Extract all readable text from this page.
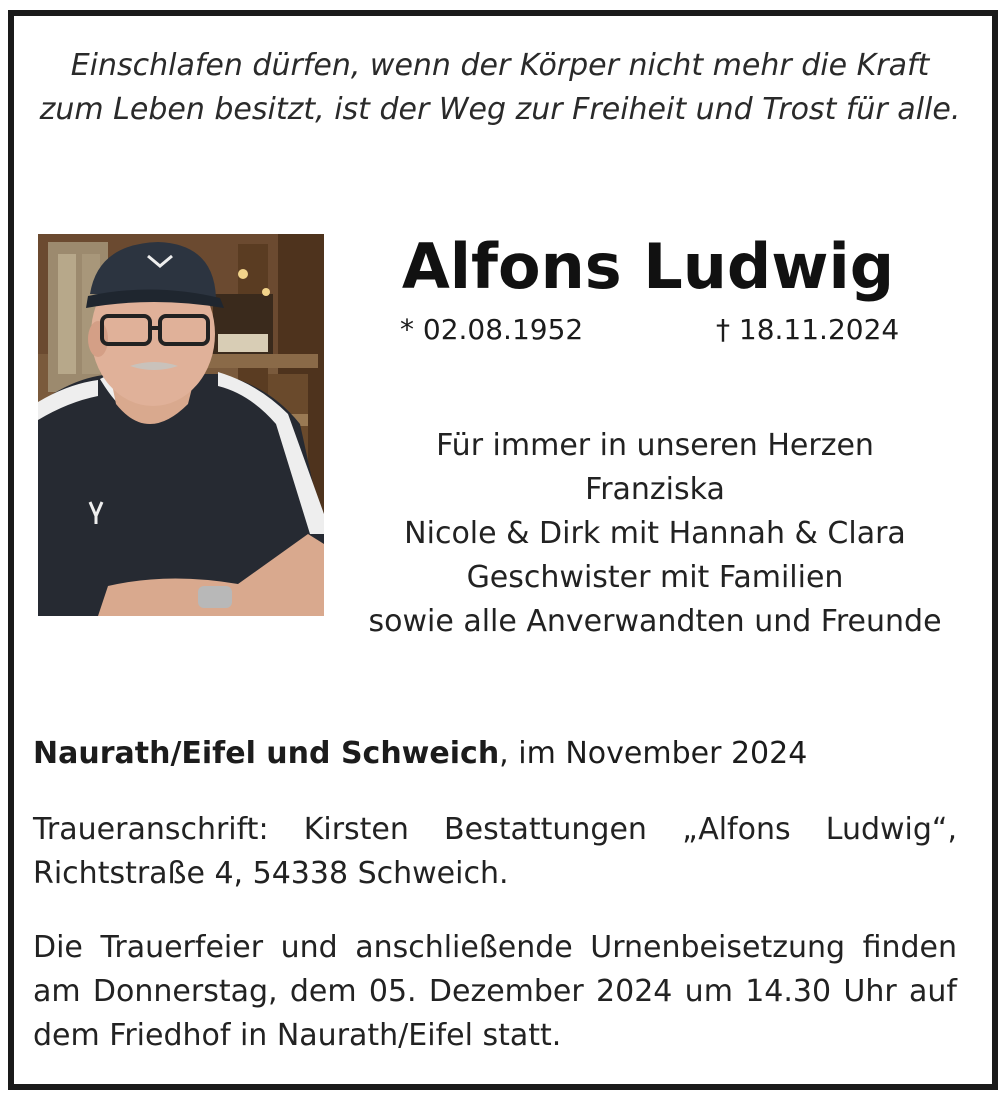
Einschlafen dürfen, wenn der Körper nicht mehr die Kraft
zum Leben besitzt, ist der Weg zur Freiheit und Trost für alle.
Alfons Ludwig
* 02.08.1952	† 18.11.2024
Für immer in unseren Herzen
Franziska
Nicole & Dirk mit Hannah & Clara
Geschwister mit Familien
sowie alle Anverwandten und Freunde
Naurath/Eifel und Schweich, im November 2024
Traueranschrift: Kirsten Bestattungen „Alfons Ludwig“,
Richtstraße 4, 54338 Schweich.
Die Trauerfeier und anschließende Urnenbeisetzung finden
am Donnerstag, dem 05. Dezember 2024 um 14.30 Uhr auf
dem Friedhof in Naurath/Eifel statt.
